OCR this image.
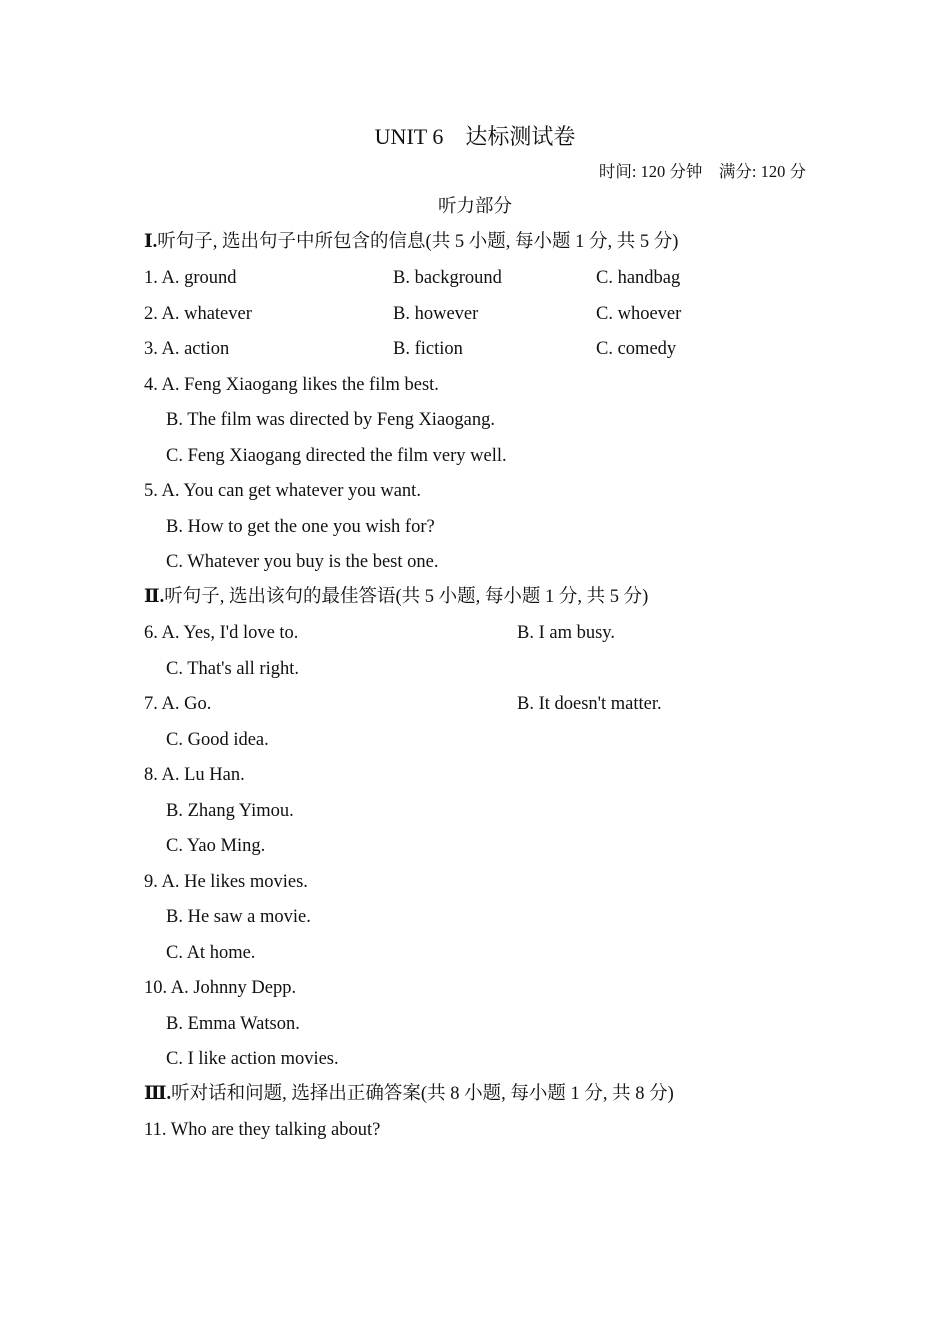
UNIT 6　达标测试卷
时间: 120 分钟　满分: 120 分
听力部分
Ⅰ.听句子, 选出句子中所包含的信息(共 5 小题, 每小题 1 分, 共 5 分)
1. A. ground	B. background	C. handbag
2. A. whatever	B. however	C. whoever
3. A. action	B. fiction	C. comedy
4. A. Feng Xiaogang likes the film best.
B. The film was directed by Feng Xiaogang.
C. Feng Xiaogang directed the film very well.
5. A. You can get whatever you want.
B. How to get the one you wish for?
C. Whatever you buy is the best one.
Ⅱ.听句子, 选出该句的最佳答语(共 5 小题, 每小题 1 分, 共 5 分)
6. A. Yes, I'd love to.	B. I am busy.
C. That's all right.
7. A. Go.	B. It doesn't matter.
C. Good idea.
8. A. Lu Han.
B. Zhang Yimou.
C. Yao Ming.
9. A. He likes movies.
B. He saw a movie.
C. At home.
10. A. Johnny Depp.
B. Emma Watson.
C. I like action movies.
Ⅲ.听对话和问题, 选择出正确答案(共 8 小题, 每小题 1 分, 共 8 分)
11. Who are they talking about?
